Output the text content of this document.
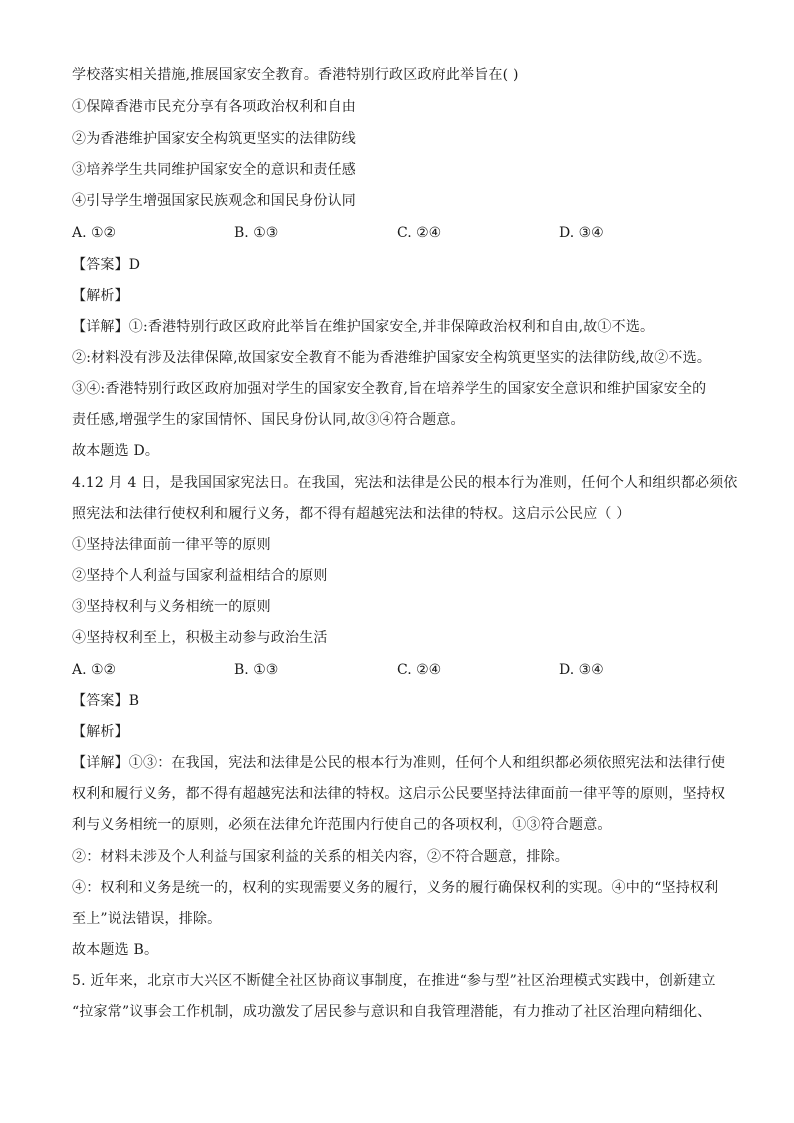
学校落实相关措施,推展国家安全教育。香港特别行政区政府此举旨在( )
①保障香港市民充分享有各项政治权利和自由
②为香港维护国家安全构筑更坚实的法律防线
③培养学生共同维护国家安全的意识和责任感
④引导学生增强国家民族观念和国民身份认同
A. ①②	B. ①③	C. ②④	D. ③④
【答案】D
【解析】
【详解】①:香港特别行政区政府此举旨在维护国家安全,并非保障政治权利和自由,故①不选。
②:材料没有涉及法律保障,故国家安全教育不能为香港维护国家安全构筑更坚实的法律防线,故②不选。
③④:香港特别行政区政府加强对学生的国家安全教育,旨在培养学生的国家安全意识和维护国家安全的
责任感,增强学生的家国情怀、国民身份认同,故③④符合题意。
故本题选 D。
4.12 月 4 日，是我国国家宪法日。在我国，宪法和法律是公民的根本行为准则，任何个人和组织都必须依
照宪法和法律行使权利和履行义务，都不得有超越宪法和法律的特权。这启示公民应（ ）
①坚持法律面前一律平等的原则
②坚持个人利益与国家利益相结合的原则
③坚持权利与义务相统一的原则
④坚持权利至上，积极主动参与政治生活
A. ①②	B. ①③	C. ②④	D. ③④
【答案】B
【解析】
【详解】①③：在我国，宪法和法律是公民的根本行为准则，任何个人和组织都必须依照宪法和法律行使
权利和履行义务，都不得有超越宪法和法律的特权。这启示公民要坚持法律面前一律平等的原则，坚持权
利与义务相统一的原则，必须在法律允许范围内行使自己的各项权利，①③符合题意。
②：材料未涉及个人利益与国家利益的关系的相关内容，②不符合题意，排除。
④：权利和义务是统一的，权利的实现需要义务的履行，义务的履行确保权利的实现。④中的“坚持权利
至上”说法错误，排除。
故本题选 B。
5. 近年来，北京市大兴区不断健全社区协商议事制度，在推进“参与型”社区治理模式实践中，创新建立
“拉家常”议事会工作机制，成功激发了居民参与意识和自我管理潜能，有力推动了社区治理向精细化、
